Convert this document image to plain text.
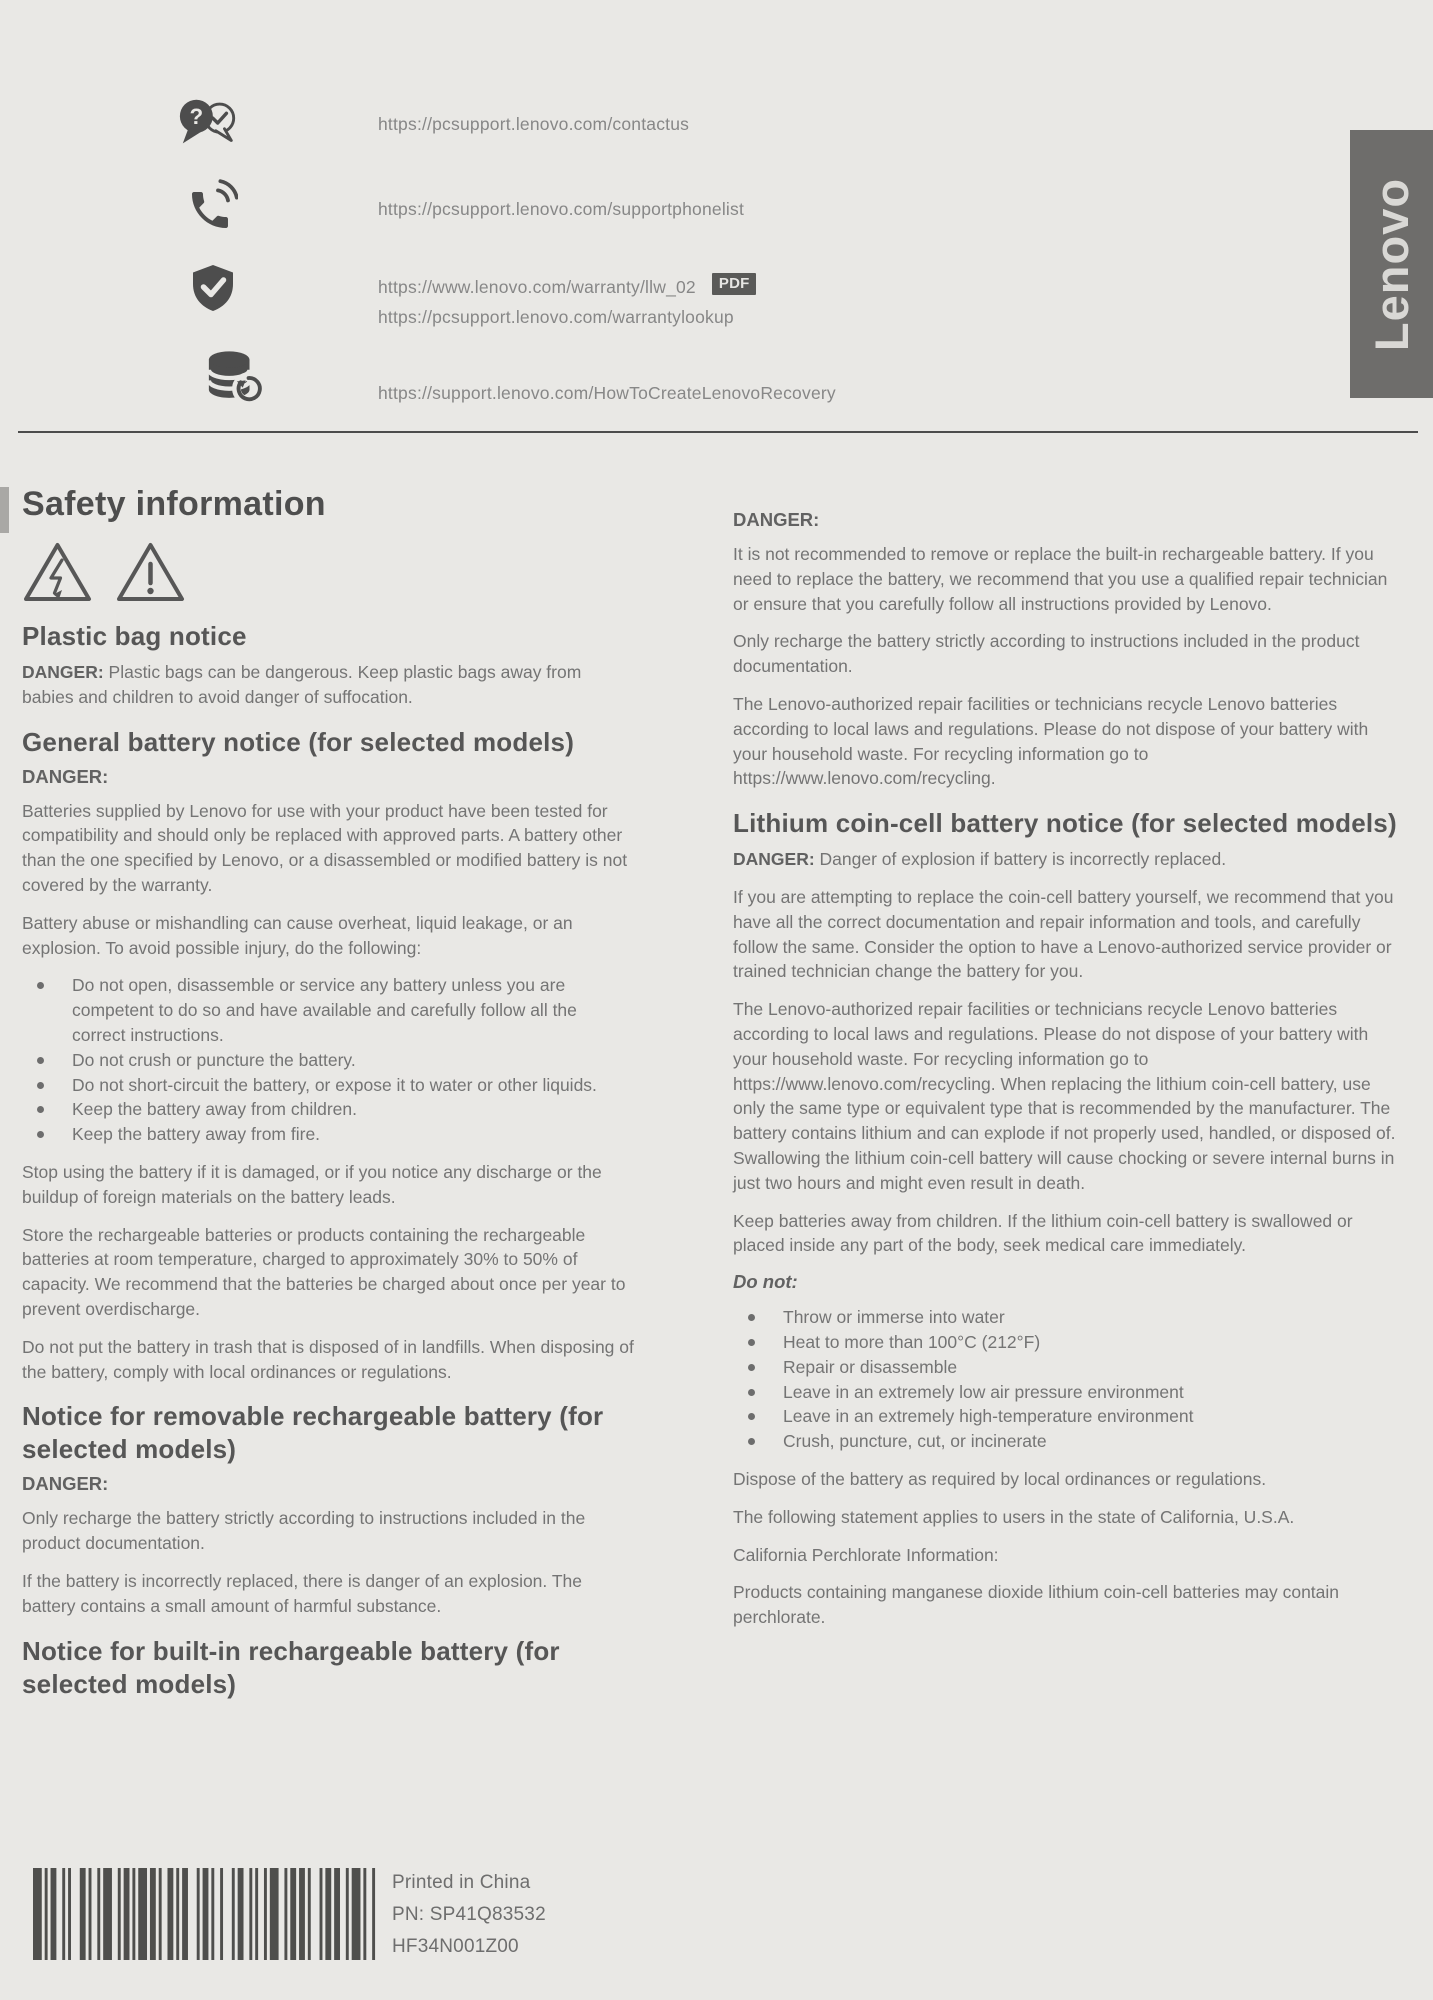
?	https://pcsupport.lenovo.com/contactus
https://pcsupport.lenovo.com/supportphonelist
https://www.lenovo.com/warranty/llw_02 PDF
https://pcsupport.lenovo.com/warrantylookup
https://support.lenovo.com/HowToCreateLenovoRecovery
Lenovo
Safety information
Plastic bag notice

DANGER: Plastic bags can be dangerous. Keep plastic bags away from babies and children to avoid danger of suffocation.

General battery notice (for selected models)
DANGER:

Batteries supplied by Lenovo for use with your product have been tested for compatibility and should only be replaced with approved parts. A battery other than the one specified by Lenovo, or a disassembled or modified battery is not covered by the warranty.

Battery abuse or mishandling can cause overheat, liquid leakage, or an explosion. To avoid possible injury, do the following:

Do not open, disassemble or service any battery unless you are competent to do so and have available and carefully follow all the correct instructions.
Do not crush or puncture the battery.
Do not short-circuit the battery, or expose it to water or other liquids.
Keep the battery away from children.
Keep the battery away from fire.

Stop using the battery if it is damaged, or if you notice any discharge or the buildup of foreign materials on the battery leads.

Store the rechargeable batteries or products containing the rechargeable batteries at room temperature, charged to approximately 30% to 50% of capacity. We recommend that the batteries be charged about once per year to prevent overdischarge.

Do not put the battery in trash that is disposed of in landfills. When disposing of the battery, comply with local ordinances or regulations.

Notice for removable rechargeable battery (for selected models)
DANGER:

Only recharge the battery strictly according to instructions included in the product documentation.

If the battery is incorrectly replaced, there is danger of an explosion. The battery contains a small amount of harmful substance.

Notice for built-in rechargeable battery (for selected models)
DANGER:

It is not recommended to remove or replace the built-in rechargeable battery. If you need to replace the battery, we recommend that you use a qualified repair technician or ensure that you carefully follow all instructions provided by Lenovo.

Only recharge the battery strictly according to instructions included in the product documentation.

The Lenovo-authorized repair facilities or technicians recycle Lenovo batteries according to local laws and regulations. Please do not dispose of your battery with your household waste. For recycling information go to https://www.lenovo.com/recycling.

Lithium coin-cell battery notice (for selected models)

DANGER: Danger of explosion if battery is incorrectly replaced.

If you are attempting to replace the coin-cell battery yourself, we recommend that you have all the correct documentation and repair information and tools, and carefully follow the same. Consider the option to have a Lenovo-authorized service provider or trained technician change the battery for you.

The Lenovo-authorized repair facilities or technicians recycle Lenovo batteries according to local laws and regulations. Please do not dispose of your battery with your household waste. For recycling information go to https://www.lenovo.com/recycling. When replacing the lithium coin-cell battery, use only the same type or equivalent type that is recommended by the manufacturer. The battery contains lithium and can explode if not properly used, handled, or disposed of. Swallowing the lithium coin-cell battery will cause chocking or severe internal burns in just two hours and might even result in death.

Keep batteries away from children. If the lithium coin-cell battery is swallowed or placed inside any part of the body, seek medical care immediately.

Do not:
Throw or immerse into water
Heat to more than 100°C (212°F)
Repair or disassemble
Leave in an extremely low air pressure environment
Leave in an extremely high-temperature environment
Crush, puncture, cut, or incinerate

Dispose of the battery as required by local ordinances or regulations.

The following statement applies to users in the state of California, U.S.A.

California Perchlorate Information:

Products containing manganese dioxide lithium coin-cell batteries may contain perchlorate.

Printed in China
PN: SP41Q83532
HF34N001Z00
